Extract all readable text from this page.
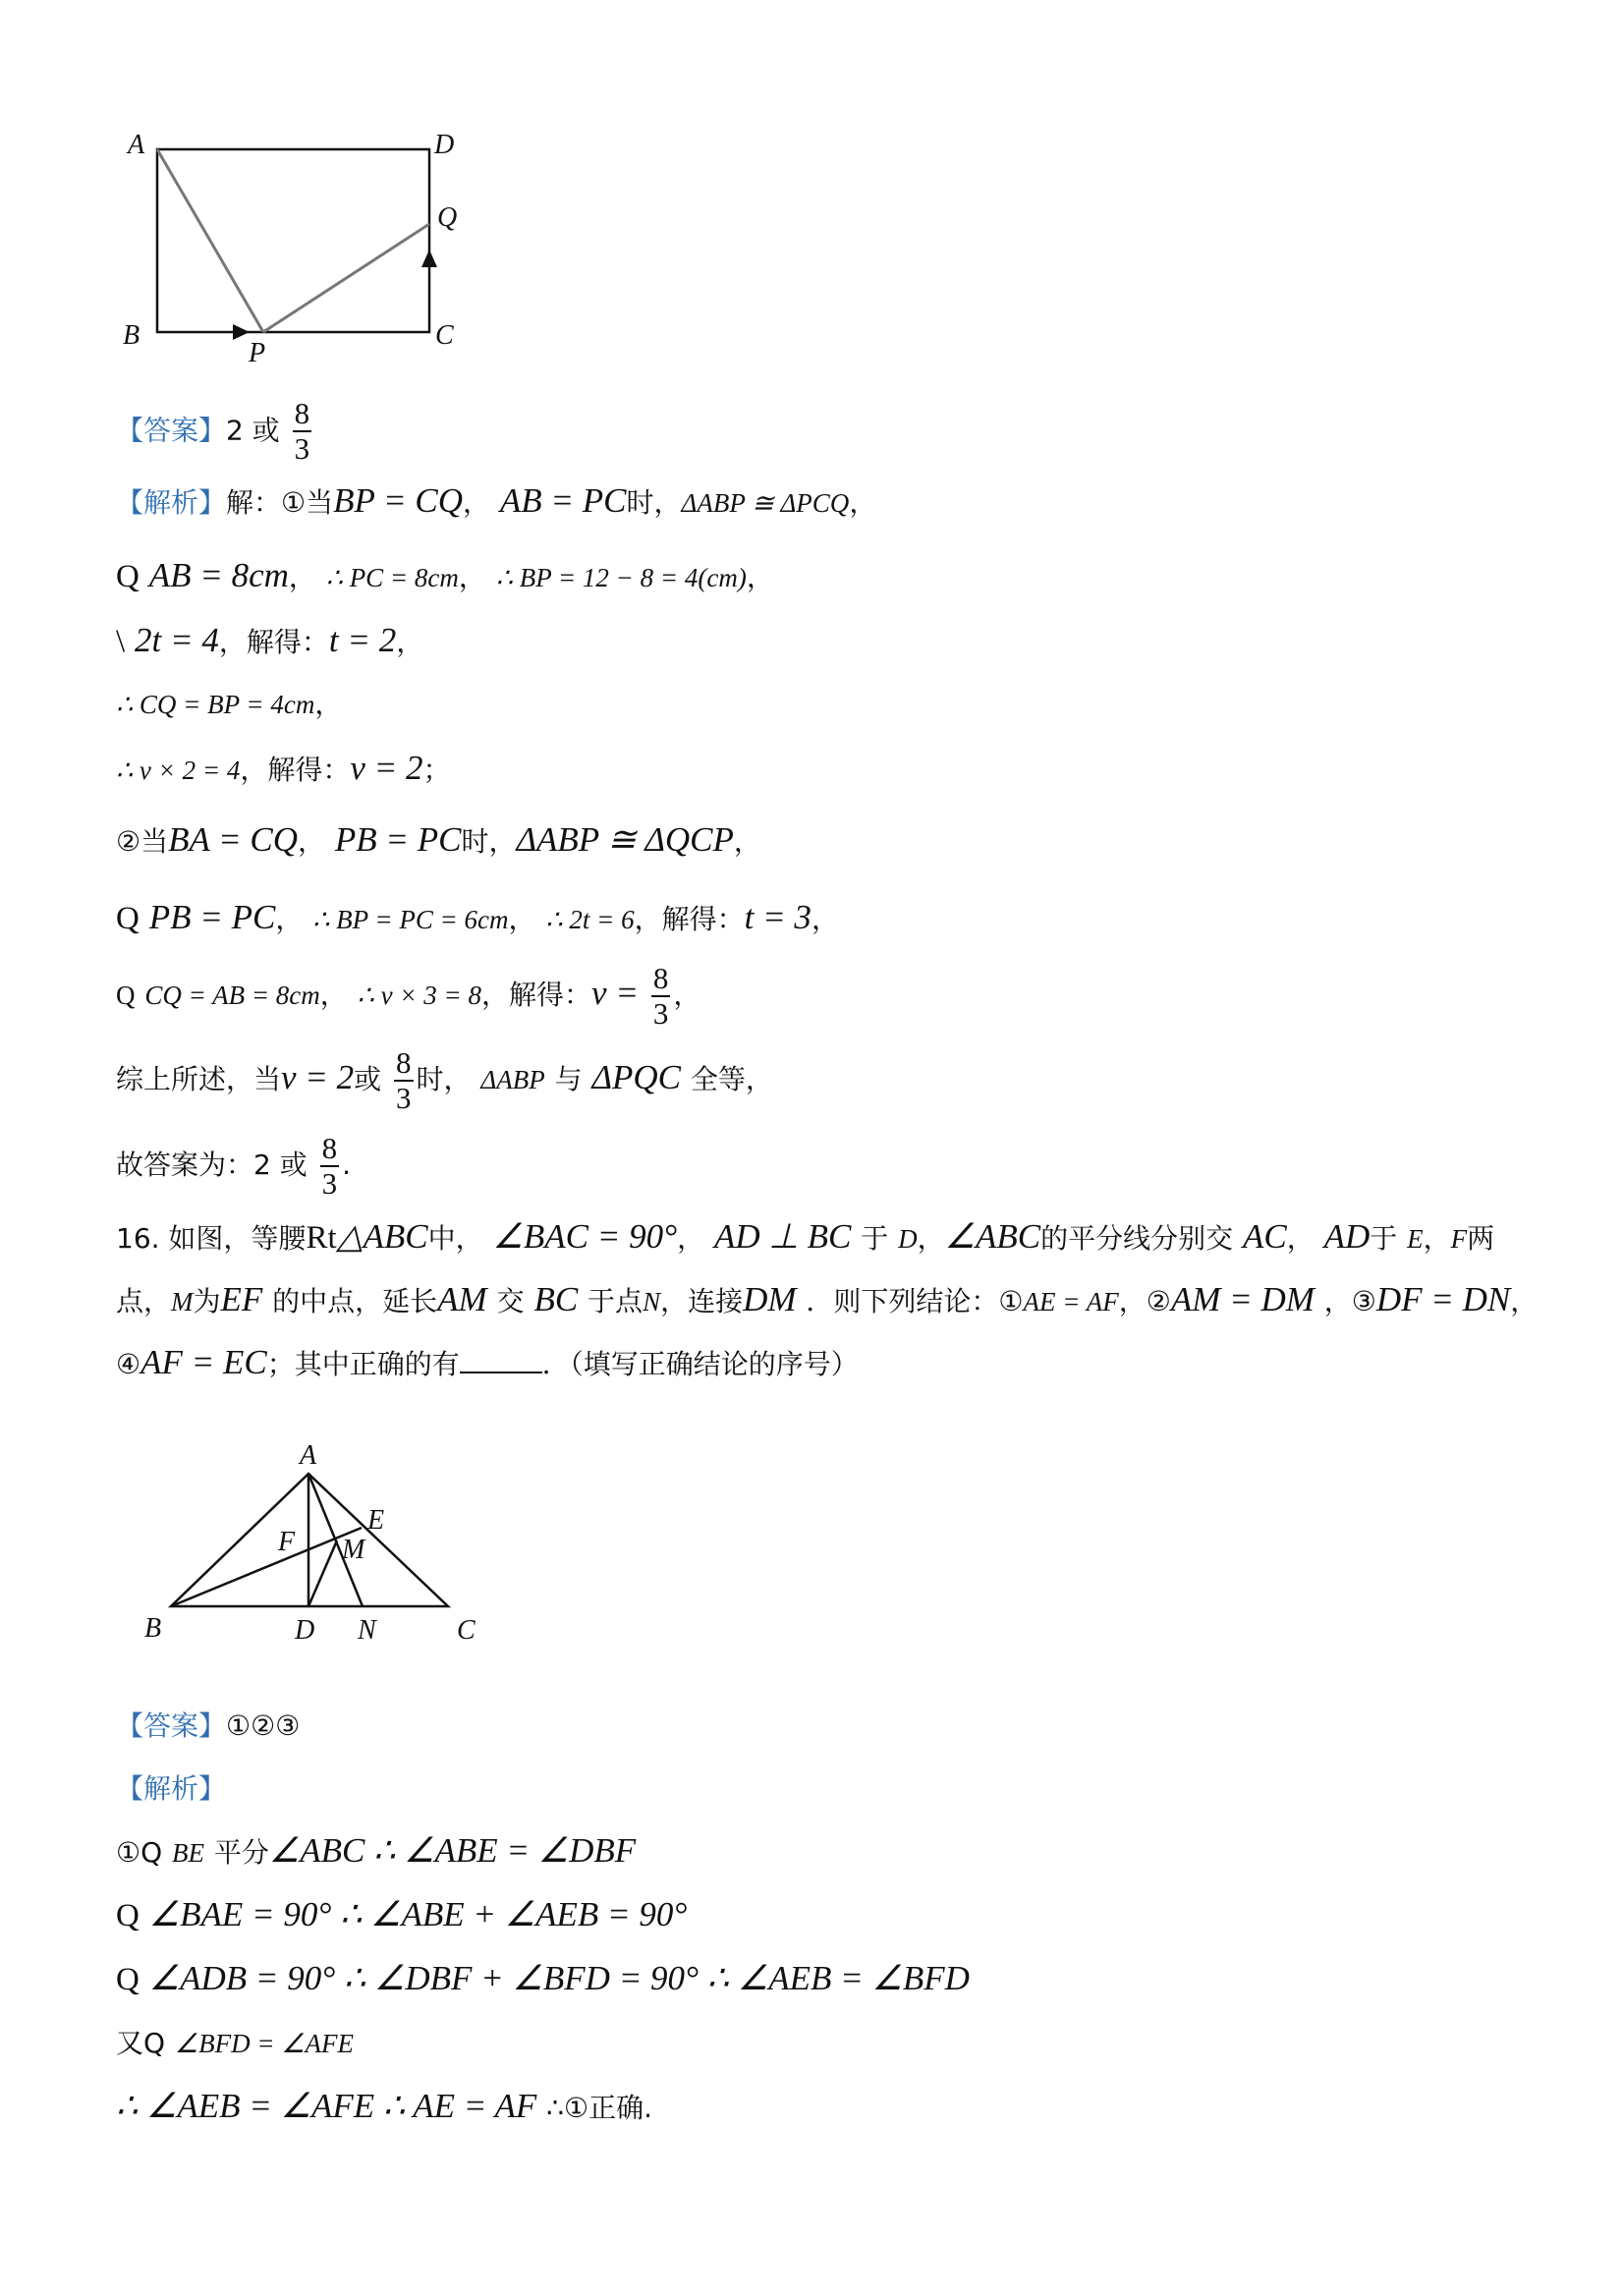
A	D
Q
B
P
C
【答案】2 或 $\frac{8}{3}$
【解析】解：①当BP = CQ， AB = PC时，ΔABP ≅ ΔPCQ，
Q AB = 8cm， ∴ PC = 8cm， ∴ BP = 12 − 8 = 4(cm)，
\ 2t = 4，解得：t = 2，
∴ CQ = BP = 4cm，
∴ v × 2 = 4，解得：v = 2；
②当BA = CQ， PB = PC时，ΔABP ≅ ΔQCP，
Q PB = PC， ∴ BP = PC = 6cm， ∴ 2t = 6，解得：t = 3，
Q CQ = AB = 8cm， ∴ v × 3 = 8，解得：$v = \frac{8}{3}$ ，
综上所述，当v = 2或 $\frac{8}{3}$ 时， ΔABP 与 ΔPQC 全等，
故答案为：2 或 $\frac{8}{3}$ .
16. 如图，等腰Rt△ABC中， ∠BAC = 90°， AD ⊥ BC 于 D，∠ABC的平分线分别交 AC， AD于 E，F两
点，M为EF 的中点，延长AM 交 BC 于点N，连接DM ．则下列结论：①AE = AF，②AM = DM ，③DF = DN，
④AF = EC；其中正确的有	．（填写正确结论的序号）
A
E
F M
B	D N	C
【答案】①②③
【解析】
①Q BE 平分∠ABC ∴ ∠ABE = ∠DBF
Q ∠BAE = 90° ∴ ∠ABE + ∠AEB = 90°
Q ∠ADB = 90° ∴ ∠DBF + ∠BFD = 90° ∴ ∠AEB = ∠BFD
又Q ∠BFD = ∠AFE
∴ ∠AEB = ∠AFE ∴ AE = AF ∴①正确.
